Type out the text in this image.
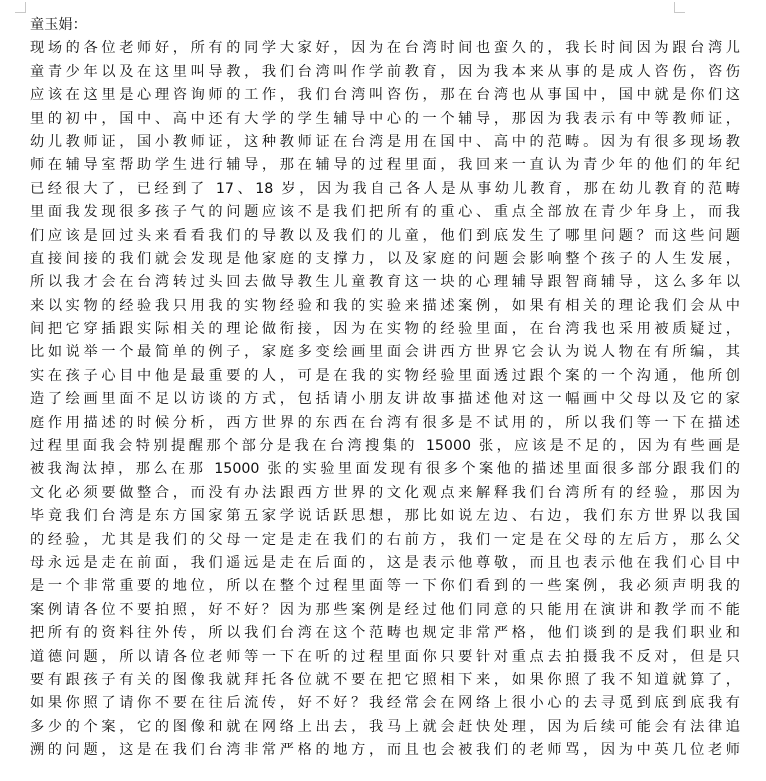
童玉娟：
现场的各位老师好，所有的同学大家好，因为在台湾时间也蛮久的，我长时间因为跟台湾儿
童青少年以及在这里叫导教，我们台湾叫作学前教育，因为我本来从事的是成人咨伤，咨伤
应该在这里是心理咨询师的工作，我们台湾叫咨伤，那在台湾也从事国中，国中就是你们这
里的初中，国中、高中还有大学的学生辅导中心的一个辅导，那因为我表示有中等教师证，
幼儿教师证，国小教师证，这种教师证在台湾是用在国中、高中的范畴。因为有很多现场教
师在辅导室帮助学生进行辅导，那在辅导的过程里面，我回来一直认为青少年的他们的年纪
已经很大了，已经到了 17、18 岁，因为我自己各人是从事幼儿教育，那在幼儿教育的范畴
里面我发现很多孩子气的问题应该不是我们把所有的重心、重点全部放在青少年身上，而我
们应该是回过头来看看我们的导教以及我们的儿童，他们到底发生了哪里问题？而这些问题
直接间接的我们就会发现是他家庭的支撑力，以及家庭的问题会影响整个孩子的人生发展，
所以我才会在台湾转过头回去做导教生儿童教育这一块的心理辅导跟智商辅导，这么多年以
来以实物的经验我只用我的实物经验和我的实验来描述案例，如果有相关的理论我们会从中
间把它穿插跟实际相关的理论做衔接，因为在实物的经验里面，在台湾我也采用被质疑过，
比如说举一个最简单的例子，家庭多变绘画里面会讲西方世界它会认为说人物在有所编，其
实在孩子心目中他是最重要的人，可是在我的实物经验里面透过跟个案的一个沟通，他所创
造了绘画里面不足以访谈的方式，包括请小朋友讲故事描述他对这一幅画中父母以及它的家
庭作用描述的时候分析，西方世界的东西在台湾有很多是不试用的，所以我们等一下在描述
过程里面我会特别提醒那个部分是我在台湾搜集的 15000 张，应该是不足的，因为有些画是
被我淘汰掉，那么在那 15000 张的实验里面发现有很多个案他的描述里面很多部分跟我们的
文化必须要做整合，而没有办法跟西方世界的文化观点来解释我们台湾所有的经验，那因为
毕竟我们台湾是东方国家第五家学说话跃思想，那比如说左边、右边，我们东方世界以我国
的经验，尤其是我们的父母一定是走在我们的右前方，我们一定是在父母的左后方，那么父
母永远是走在前面，我们遥远是走在后面的，这是表示他尊敬，而且也表示他在我们心目中
是一个非常重要的地位，所以在整个过程里面等一下你们看到的一些案例，我必须声明我的
案例请各位不要拍照，好不好？因为那些案例是经过他们同意的只能用在演讲和教学而不能
把所有的资料往外传，所以我们台湾在这个范畴也规定非常严格，他们谈到的是我们职业和
道德问题，所以请各位老师等一下在听的过程里面你只要针对重点去拍摄我不反对，但是只
要有跟孩子有关的图像我就拜托各位就不要在把它照相下来，如果你照了我不知道就算了，
如果你照了请你不要在往后流传，好不好？我经常会在网络上很小心的去寻觅到底到底我有
多少的个案，它的图像和就在网络上出去，我马上就会赶快处理，因为后续可能会有法律追
溯的问题，这是在我们台湾非常严格的地方，而且也会被我们的老师骂，因为中英几位老师
